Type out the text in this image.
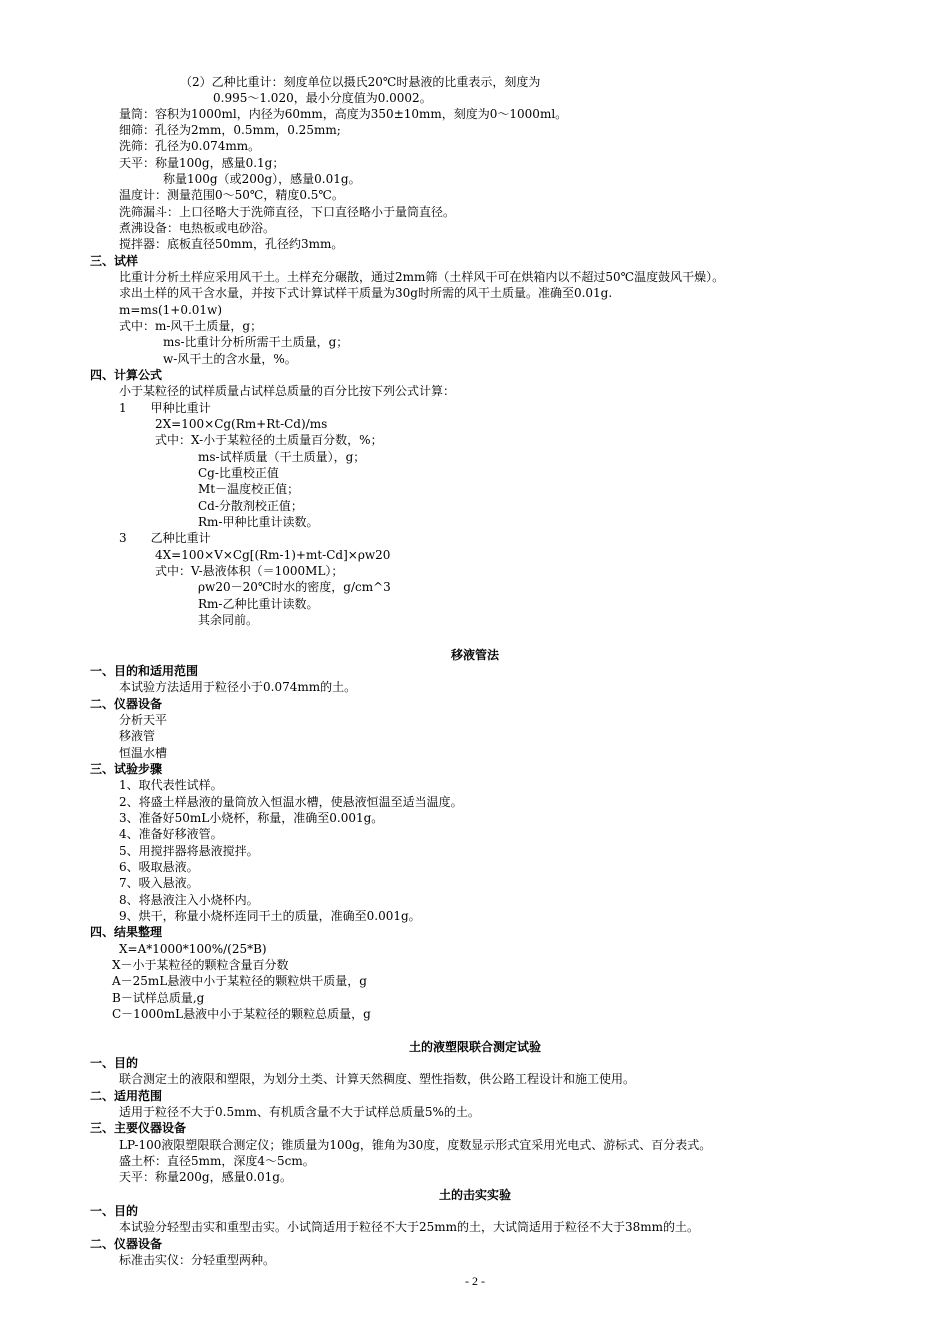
（2）乙种比重计：刻度单位以摄氏20℃时悬液的比重表示，刻度为
0.995～1.020，最小分度值为0.0002。
量筒：容积为1000ml，内径为60mm，高度为350±10mm，刻度为0～1000ml。
细筛：孔径为2mm，0.5mm，0.25mm;
洗筛：孔径为0.074mm。
天平：称量100g，感量0.1g；
称量100g（或200g），感量0.01g。
温度计：测量范围0～50℃，精度0.5℃。
洗筛漏斗：上口径略大于洗筛直径，下口直径略小于量筒直径。
煮沸设备：电热板或电砂浴。
搅拌器：底板直径50mm，孔径约3mm。
三、试样
比重计分析土样应采用风干土。土样充分碾散，通过2mm筛（土样风干可在烘箱内以不超过50℃温度鼓风干燥）。
求出土样的风干含水量，并按下式计算试样干质量为30g时所需的风干土质量。准确至0.01g.
m=ms(1+0.01w)
式中：m-风干土质量，g；
ms-比重计分析所需干土质量，g；
w-风干土的含水量，%。
四、计算公式
小于某粒径的试样质量占试样总质量的百分比按下列公式计算：
1　　甲种比重计
2X=100×Cg(Rm+Rt-Cd)/ms
式中：X-小于某粒径的土质量百分数，%；
ms-试样质量（干土质量），g；
Cg-比重校正值
Mt－温度校正值；
Cd-分散剂校正值；
Rm-甲种比重计读数。
3　　乙种比重计
4X=100×V×Cg[(Rm-1)+mt-Cd]×ρw20
式中：V-悬液体积（＝1000ML）；
ρw20－20℃时水的密度，g/cm^3
Rm-乙种比重计读数。
其余同前。
移液管法
一、目的和适用范围
本试验方法适用于粒径小于0.074mm的土。
二、仪器设备
分析天平
移液管
恒温水槽
三、试验步骤
1、取代表性试样。
2、将盛土样悬液的量筒放入恒温水槽，使悬液恒温至适当温度。
3、准备好50mL小烧杯，称量，准确至0.001g。
4、准备好移液管。
5、用搅拌器将悬液搅拌。
6、吸取悬液。
7、吸入悬液。
8、将悬液注入小烧杯内。
9、烘干，称量小烧杯连同干土的质量，准确至0.001g。
四、结果整理
X=A*1000*100%/(25*B)
X－小于某粒径的颗粒含量百分数
A－25mL悬液中小于某粒径的颗粒烘干质量，g
B－试样总质量,g
C－1000mL悬液中小于某粒径的颗粒总质量，g
土的液塑限联合测定试验
一、目的
联合测定土的液限和塑限，为划分土类、计算天然稠度、塑性指数，供公路工程设计和施工使用。
二、适用范围
适用于粒径不大于0.5mm、有机质含量不大于试样总质量5%的土。
三、主要仪器设备
LP-100液限塑限联合测定仪；锥质量为100g，锥角为30度，度数显示形式宜采用光电式、游标式、百分表式。
盛土杯：直径5mm，深度4～5cm。
天平：称量200g，感量0.01g。
土的击实实验
一、目的
本试验分轻型击实和重型击实。小试筒适用于粒径不大于25mm的土，大试筒适用于粒径不大于38mm的土。
二、仪器设备
标准击实仪：分轻重型两种。
- 2 -
